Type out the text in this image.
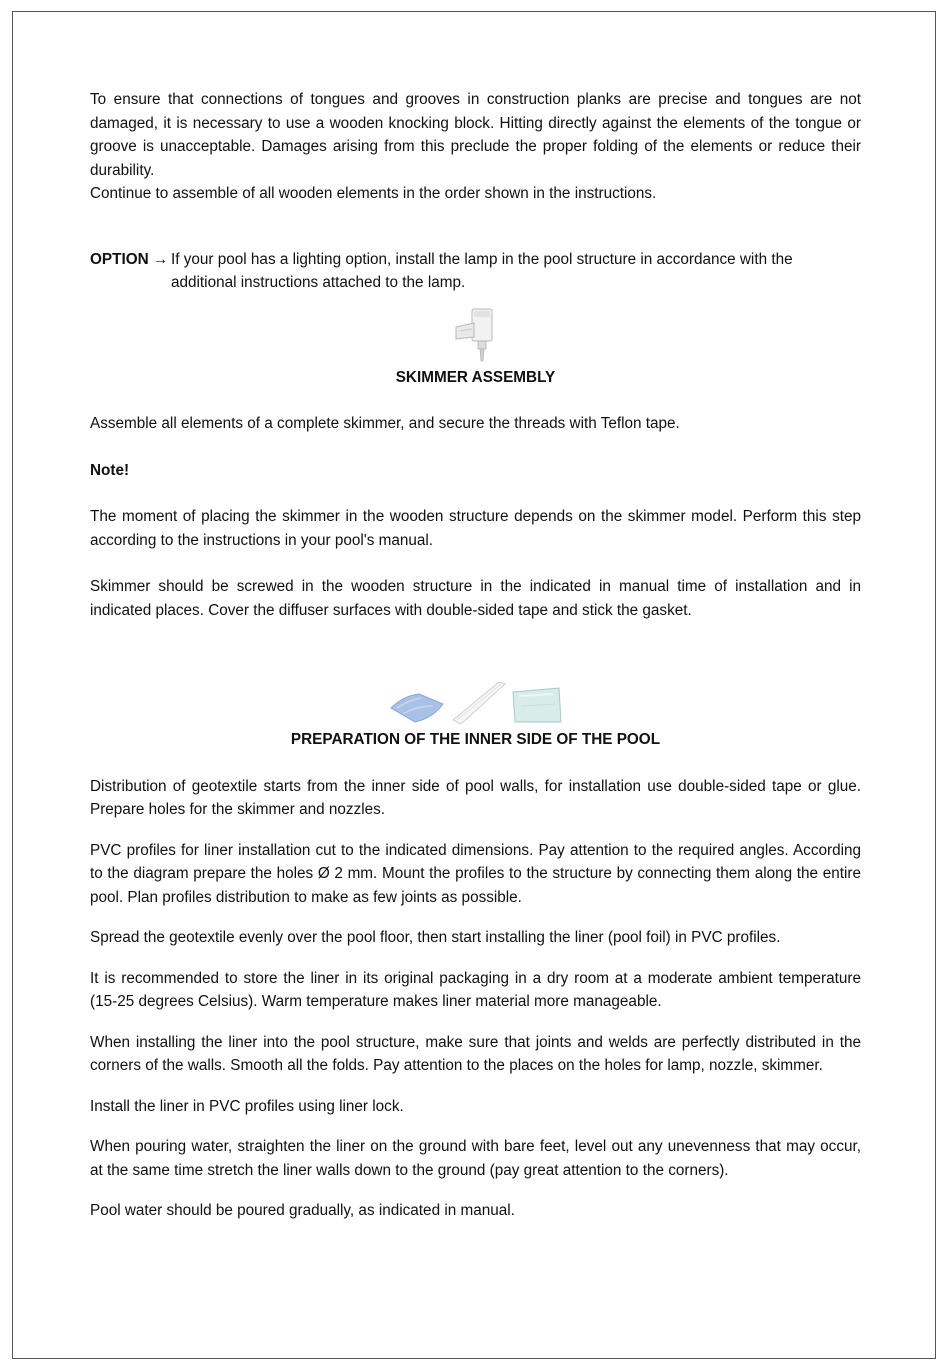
To ensure that connections of tongues and grooves in construction planks are precise and tongues are not damaged, it is necessary to use a wooden knocking block. Hitting directly against the elements of the tongue or groove is unacceptable. Damages arising from this preclude the proper folding of the elements or reduce their durability.

Continue to assemble of all wooden elements in the order shown in the instructions.

OPTION → If your pool has a lighting option, install the lamp in the pool structure in accordance with the additional instructions attached to the lamp.

SKIMMER ASSEMBLY

Assemble all elements of a complete skimmer, and secure the threads with Teflon tape.

Note!

The moment of placing the skimmer in the wooden structure depends on the skimmer model. Perform this step according to the instructions in your pool's manual.

Skimmer should be screwed in the wooden structure in the indicated in manual time of installation and in indicated places. Cover the diffuser surfaces with double-sided tape and stick the gasket.

PREPARATION OF THE INNER SIDE OF THE POOL

Distribution of geotextile starts from the inner side of pool walls, for installation use double-sided tape or glue. Prepare holes for the skimmer and nozzles.

PVC profiles for liner installation cut to the indicated dimensions. Pay attention to the required angles. According to the diagram prepare the holes Ø 2 mm. Mount the profiles to the structure by connecting them along the entire pool. Plan profiles distribution to make as few joints as possible.

Spread the geotextile evenly over the pool floor, then start installing the liner (pool foil) in PVC profiles.

It is recommended to store the liner in its original packaging in a dry room at a moderate ambient temperature (15-25 degrees Celsius). Warm temperature makes liner material more manageable.

When installing the liner into the pool structure, make sure that joints and welds are perfectly distributed in the corners of the walls. Smooth all the folds. Pay attention to the places on the holes for lamp, nozzle, skimmer.

Install the liner in PVC profiles using liner lock.

When pouring water, straighten the liner on the ground with bare feet, level out any unevenness that may occur, at the same time stretch the liner walls down to the ground (pay great attention to the corners).

Pool water should be poured gradually, as indicated in manual.
